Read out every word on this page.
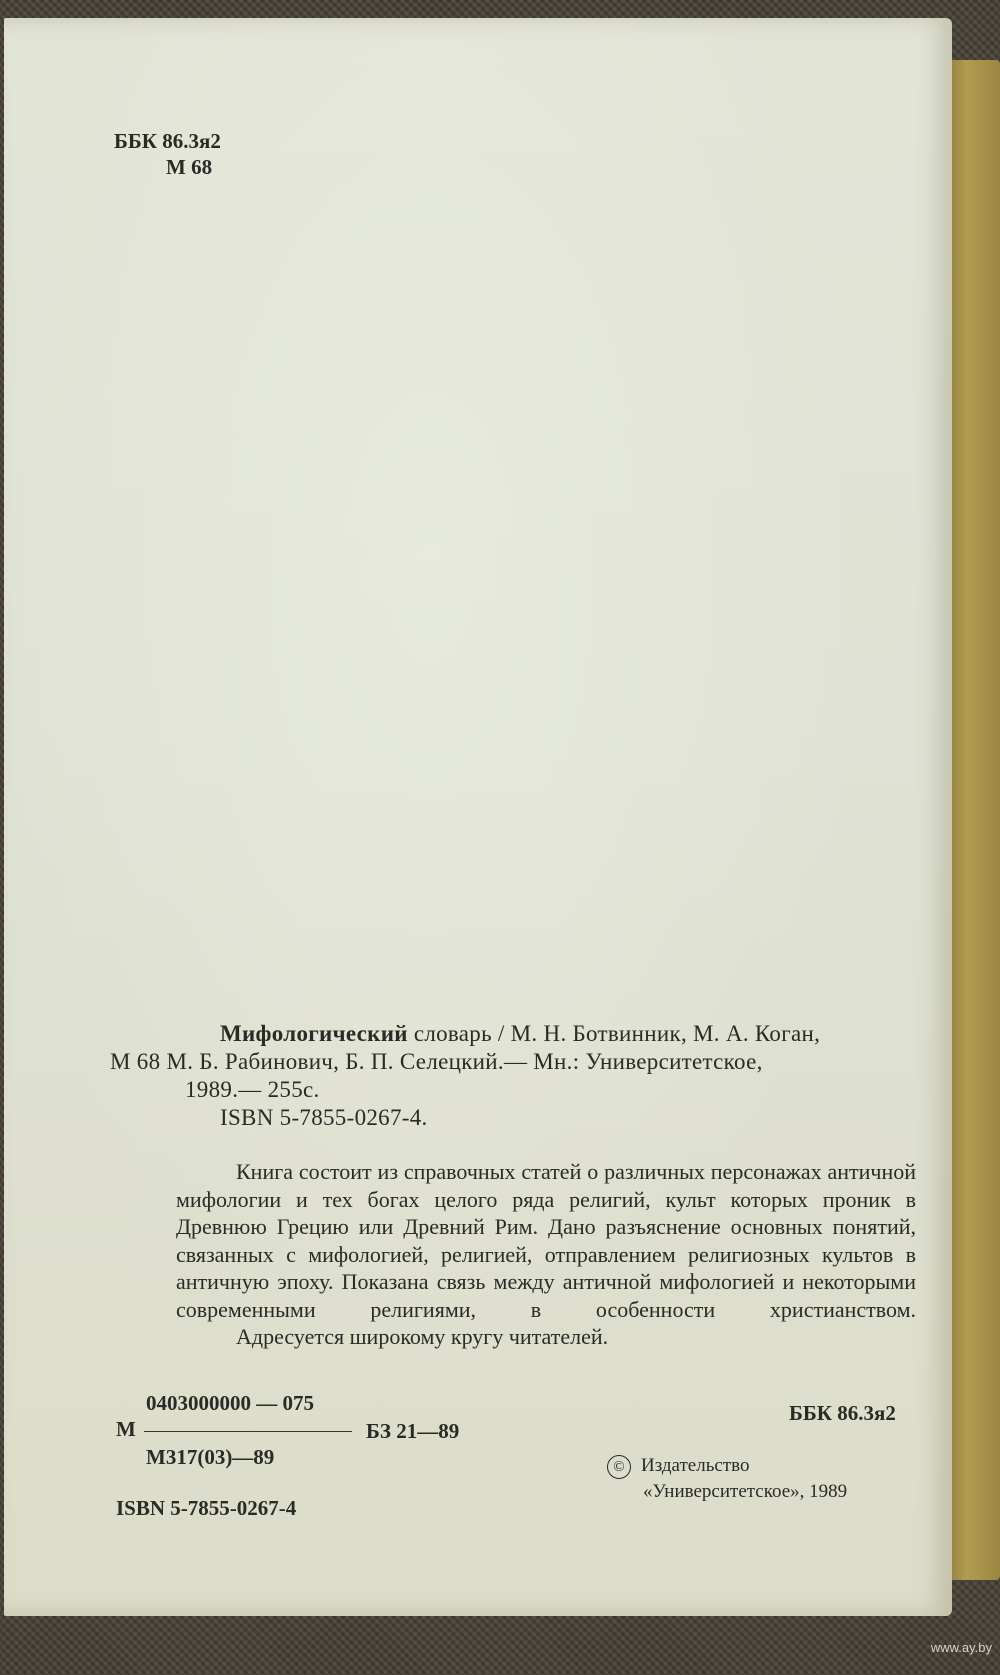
ББК 86.3я2
М 68
Мифологический словарь / М. Н. Ботвинник, М. А. Коган,
М 68 М. Б. Рабинович, Б. П. Селецкий.— Мн.: Университетское,
1989.— 255с.
ISBN 5-7855-0267-4.

Книга состоит из справочных статей о различных персонажах античной мифологии и тех богах целого ряда религий, культ которых проник в Древнюю Грецию или Древний Рим. Дано разъяснение основных понятий, связанных с мифологией, религией, отправлением религиозных культов в античную эпоху. Показана связь между античной мифологией и некоторыми современными религиями, в особенности христианством.

Адресуется широкому кругу читателей.

0403000000 — 075
М	БЗ 21—89
М317(03)—89
ISBN 5-7855-0267-4
ББК 86.3я2
© Издательство
«Университетское», 1989
www.ay.by
